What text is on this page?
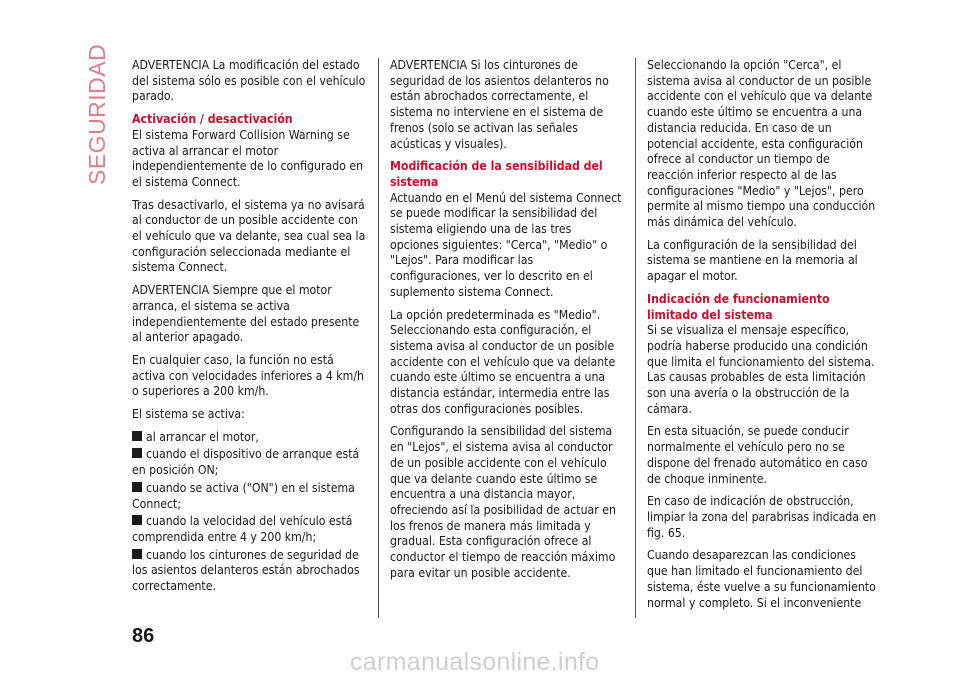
SEGURIDAD ADVERTENCIA La modificación del estado del sistema sólo es posible con el vehículo parado.

Activación / desactivación

El sistema Forward Collision Warning se activa al arrancar el motor independientemente de lo configurado en el sistema Connect.

Tras desactivarlo, el sistema ya no avisará al conductor de un posible accidente con el vehículo que va delante, sea cual sea la configuración seleccionada mediante el sistema Connect.

ADVERTENCIA Siempre que el motor arranca, el sistema se activa independientemente del estado presente al anterior apagado.

En cualquier caso, la función no está activa con velocidades inferiores a 4 km/h o superiores a 200 km/h.

El sistema se activa:

al arrancar el motor,
cuando el dispositivo de arranque está en posición ON;
cuando se activa ("ON") en el sistema Connect;
cuando la velocidad del vehículo está comprendida entre 4 y 200 km/h;
cuando los cinturones de seguridad de los asientos delanteros están abrochados correctamente.

ADVERTENCIA Si los cinturones de seguridad de los asientos delanteros no están abrochados correctamente, el sistema no interviene en el sistema de frenos (solo se activan las señales acústicas y visuales).

Modificación de la sensibilidad del sistema

Actuando en el Menú del sistema Connect se puede modificar la sensibilidad del sistema eligiendo una de las tres opciones siguientes: "Cerca", "Medio" o "Lejos". Para modificar las configuraciones, ver lo descrito en el suplemento sistema Connect.

La opción predeterminada es "Medio". Seleccionando esta configuración, el sistema avisa al conductor de un posible accidente con el vehículo que va delante cuando este último se encuentra a una distancia estándar, intermedia entre las otras dos configuraciones posibles.

Configurando la sensibilidad del sistema en "Lejos", el sistema avisa al conductor de un posible accidente con el vehículo que va delante cuando este último se encuentra a una distancia mayor, ofreciendo así la posibilidad de actuar en los frenos de manera más limitada y gradual. Esta configuración ofrece al conductor el tiempo de reacción máximo para evitar un posible accidente.

Seleccionando la opción "Cerca", el sistema avisa al conductor de un posible accidente con el vehículo que va delante cuando este último se encuentra a una distancia reducida. En caso de un potencial accidente, esta configuración ofrece al conductor un tiempo de reacción inferior respecto al de las configuraciones "Medio" y "Lejos", pero permite al mismo tiempo una conducción más dinámica del vehículo.

La configuración de la sensibilidad del sistema se mantiene en la memoria al apagar el motor.

Indicación de funcionamiento limitado del sistema

Si se visualiza el mensaje específico, podría haberse producido una condición que limita el funcionamiento del sistema. Las causas probables de esta limitación son una avería o la obstrucción de la cámara.

En esta situación, se puede conducir normalmente el vehículo pero no se dispone del frenado automático en caso de choque inminente.

En caso de indicación de obstrucción, limpiar la zona del parabrisas indicada en fig. 65.

Cuando desaparezcan las condiciones que han limitado el funcionamiento del sistema, éste vuelve a su funcionamiento normal y completo. Si el inconveniente

86
carmanualsonline.info
